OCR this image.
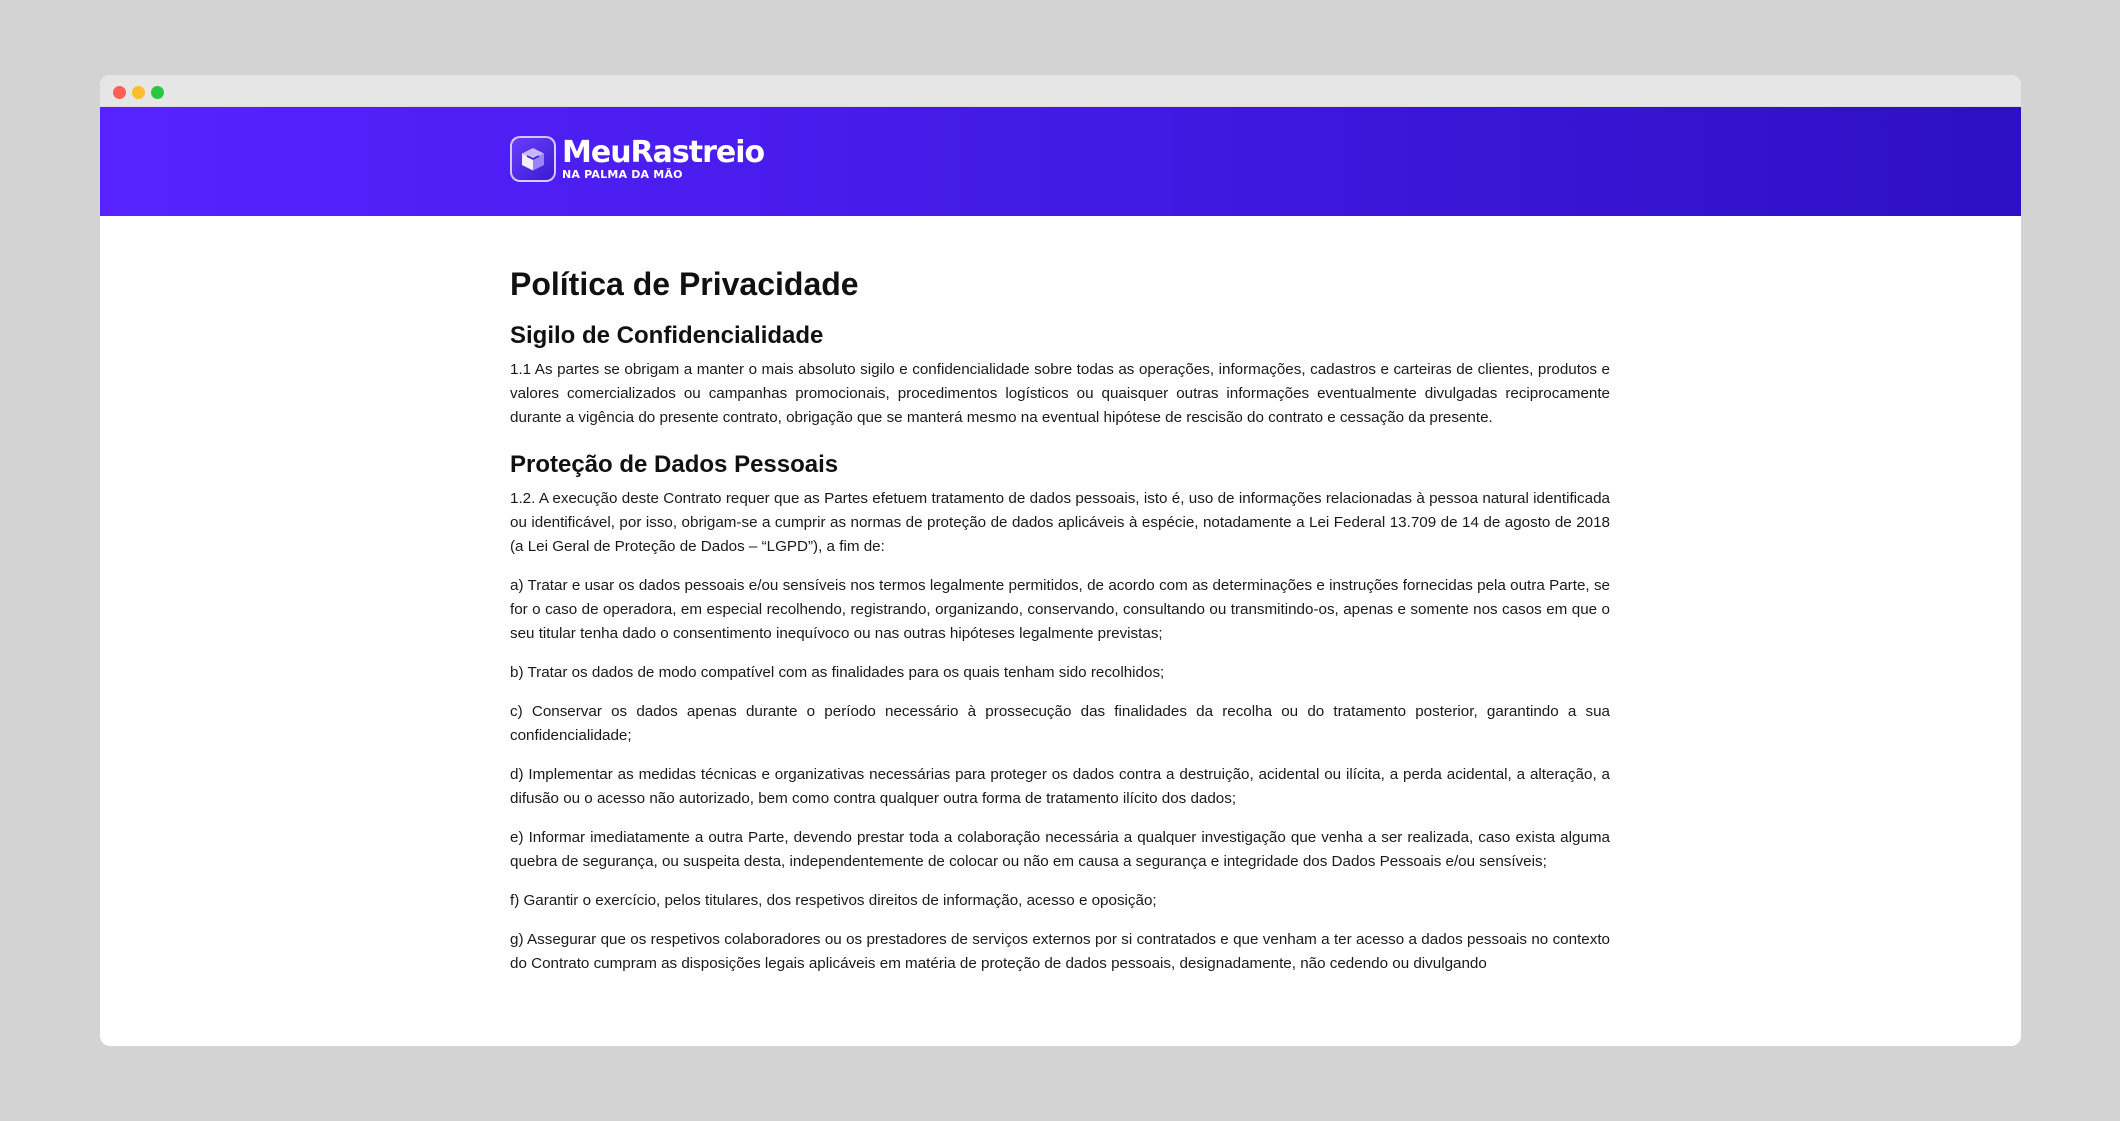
MeuRastreio
NA PALMA DA MÃO
Política de Privacidade
Sigilo de Confidencialidade

1.1 As partes se obrigam a manter o mais absoluto sigilo e confidencialidade sobre todas as operações, informações, cadastros e carteiras de clientes, produtos e valores comercializados ou campanhas promocionais, procedimentos logísticos ou quaisquer outras informações eventualmente divulgadas reciprocamente durante a vigência do presente contrato, obrigação que se manterá mesmo na eventual hipótese de rescisão do contrato e cessação da presente.

Proteção de Dados Pessoais

1.2. A execução deste Contrato requer que as Partes efetuem tratamento de dados pessoais, isto é, uso de informações relacionadas à pessoa natural identificada ou identificável, por isso, obrigam-se a cumprir as normas de proteção de dados aplicáveis à espécie, notadamente a Lei Federal 13.709 de 14 de agosto de 2018 (a Lei Geral de Proteção de Dados – “LGPD”), a fim de:

a) Tratar e usar os dados pessoais e/ou sensíveis nos termos legalmente permitidos, de acordo com as determinações e instruções fornecidas pela outra Parte, se for o caso de operadora, em especial recolhendo, registrando, organizando, conservando, consultando ou transmitindo-os, apenas e somente nos casos em que o seu titular tenha dado o consentimento inequívoco ou nas outras hipóteses legalmente previstas;

b) Tratar os dados de modo compatível com as finalidades para os quais tenham sido recolhidos;

c) Conservar os dados apenas durante o período necessário à prossecução das finalidades da recolha ou do tratamento posterior, garantindo a sua confidencialidade;

d) Implementar as medidas técnicas e organizativas necessárias para proteger os dados contra a destruição, acidental ou ilícita, a perda acidental, a alteração, a difusão ou o acesso não autorizado, bem como contra qualquer outra forma de tratamento ilícito dos dados;

e) Informar imediatamente a outra Parte, devendo prestar toda a colaboração necessária a qualquer investigação que venha a ser realizada, caso exista alguma quebra de segurança, ou suspeita desta, independentemente de colocar ou não em causa a segurança e integridade dos Dados Pessoais e/ou sensíveis;

f) Garantir o exercício, pelos titulares, dos respetivos direitos de informação, acesso e oposição;

g) Assegurar que os respetivos colaboradores ou os prestadores de serviços externos por si contratados e que venham a ter acesso a dados pessoais no contexto do Contrato cumpram as disposições legais aplicáveis em matéria de proteção de dados pessoais, designadamente, não cedendo ou divulgando
